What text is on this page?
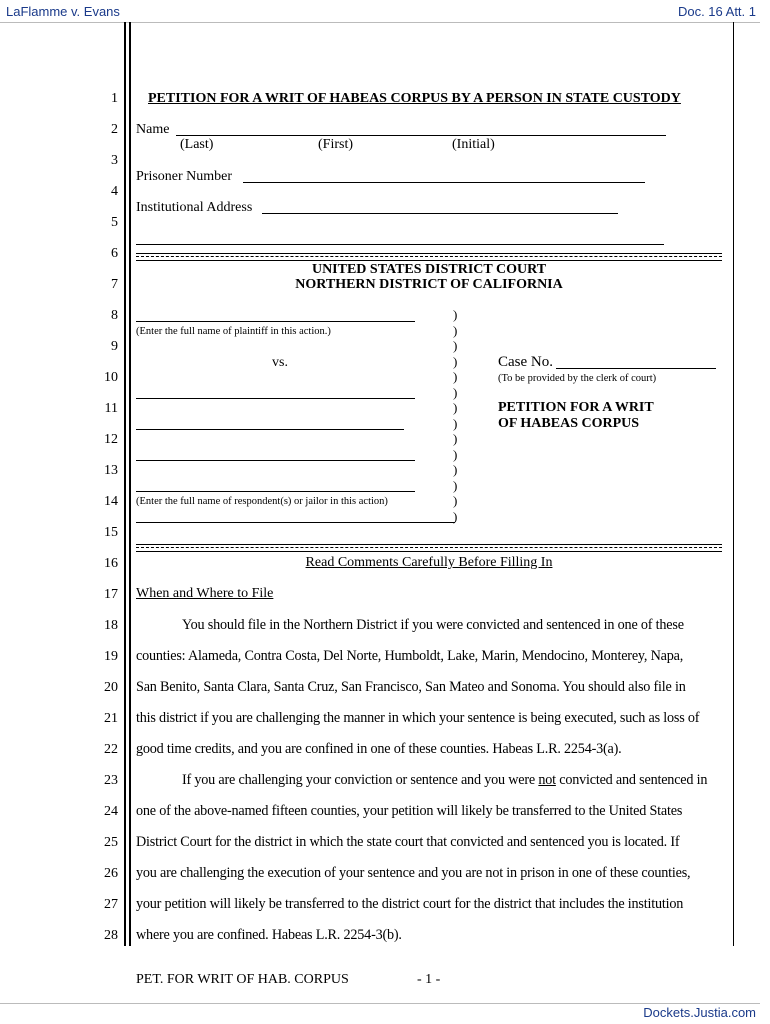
LaFlamme v. Evans	Doc. 16 Att. 1
Dockets.Justia.com
1
2
3
4
5
6
7
8
9
10
11
12
13
14
15
16
17
18
19
20
21
22
23
24
25
26
27
28
PETITION FOR A WRIT OF HABEAS CORPUS BY A PERSON IN STATE CUSTODY
Name
(Last)	(First)	(Initial)
Prisoner Number
Institutional Address
UNITED STATES DISTRICT COURT
NORTHERN DISTRICT OF CALIFORNIA
(Enter the full name of plaintiff in this action.)
vs.
(Enter the full name of respondent(s) or jailor in this action)
)
)
)
)
)
)
)
)
)
)
)
)
)
)
Case No.
(To be provided by the clerk of court)
PETITION FOR A WRIT
OF HABEAS CORPUS
Read Comments Carefully Before Filling In
When and Where to File
You should file in the Northern District if you were convicted and sentenced in one of these
counties: Alameda, Contra Costa, Del Norte, Humboldt, Lake, Marin, Mendocino, Monterey, Napa,
San Benito, Santa Clara, Santa Cruz, San Francisco, San Mateo and Sonoma. You should also file in
this district if you are challenging the manner in which your sentence is being executed, such as loss of
good time credits, and you are confined in one of these counties. Habeas L.R. 2254-3(a).
If you are challenging your conviction or sentence and you were not convicted and sentenced in
one of the above-named fifteen counties, your petition will likely be transferred to the United States
District Court for the district in which the state court that convicted and sentenced you is located. If
you are challenging the execution of your sentence and you are not in prison in one of these counties,
your petition will likely be transferred to the district court for the district that includes the institution
where you are confined. Habeas L.R. 2254-3(b).
PET. FOR WRIT OF HAB. CORPUS	- 1 -
